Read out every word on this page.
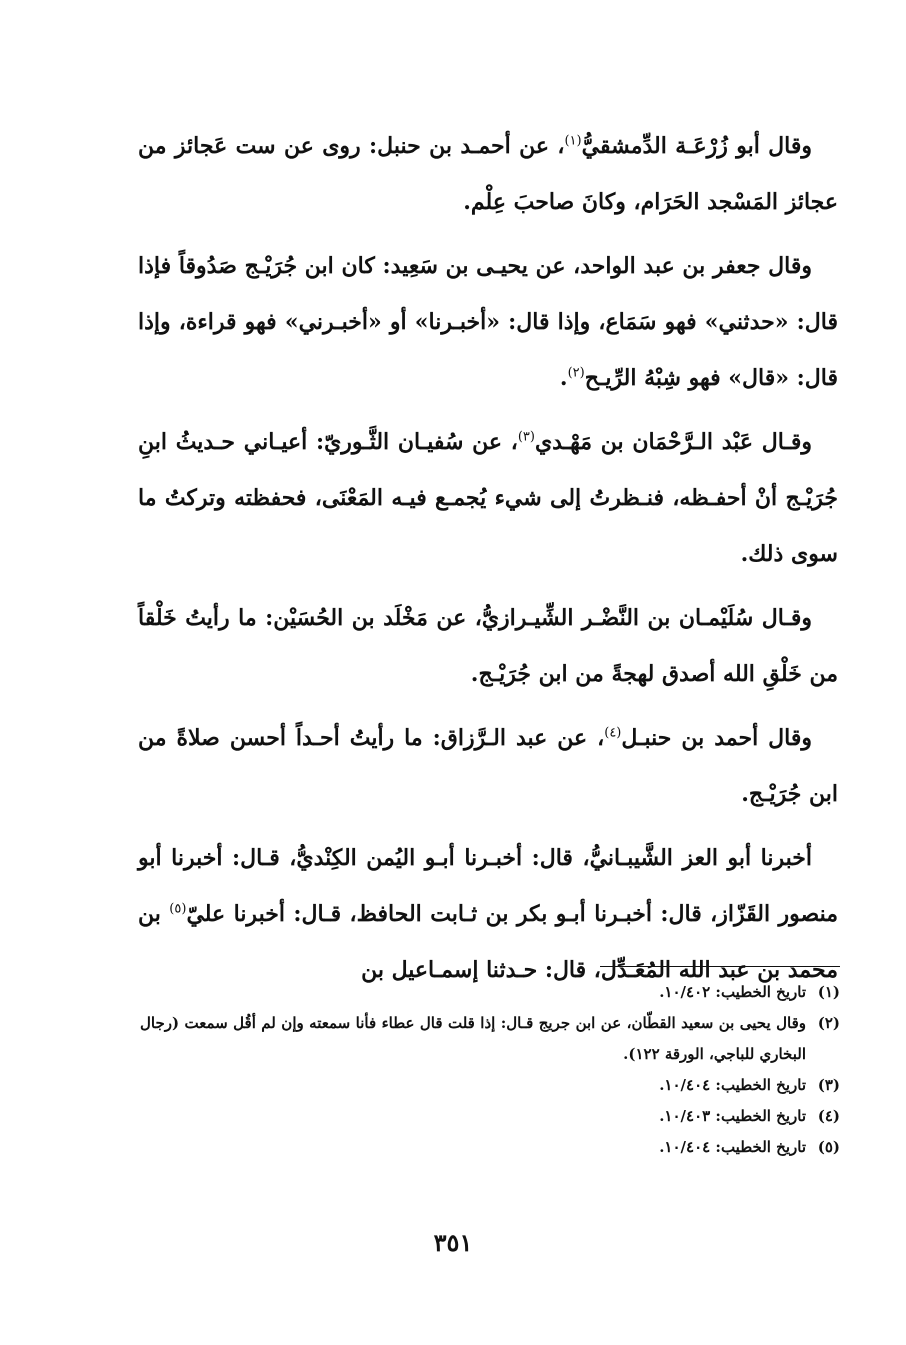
وقال أبو زُرْعَـة الدِّمشقيُّ$^{(١)}$، عن أحمـد بن حنبل: روى عن ست عَجائز من عجائز المَسْجد الحَرَام، وكانَ صاحبَ عِلْم.

وقال جعفر بن عبد الواحد، عن يحيـى بن سَعِيد: كان ابن جُرَيْـج صَدُوقاً فإذا قال: «حدثني» فهو سَمَاع، وإذا قال: «أخبـرنا» أو «أخبـرني» فهو قراءة، وإذا قال: «قال» فهو شِبْهُ الرِّيـح$^{(٢)}$.

وقـال عَبْد الـرَّحْمَان بن مَهْـدي$^{(٣)}$، عن سُفيـان الثَّـوريّ: أعيـاني حـديثُ ابنِ جُرَيْـج أنْ أحفـظه، فنـظرتُ إلى شيء يُجمـع فيـه المَعْنَى، فحفظته وتركتُ ما سوى ذلك.

وقـال سُلَيْمـان بن النَّضْـر الشِّيـرازيُّ، عن مَخْلَد بن الحُسَيْن: ما رأيتُ خَلْقاً من خَلْقِ الله أصدق لهجةً من ابن جُرَيْـج.

وقال أحمد بن حنبـل$^{(٤)}$، عن عبد الـرَّزاق: ما رأيتُ أحـداً أحسن صلاةً من ابن جُرَيْـج.

أخبرنا أبو العز الشَّيبـانيُّ، قال: أخبـرنا أبـو اليُمن الكِنْديُّ، قـال: أخبرنا أبو منصور القَزّاز، قال: أخبـرنا أبـو بكر بن ثـابت الحافظ، قـال: أخبرنا عليّ$^{(٥)}$ بن محمد بن عبد الله المُعَـدِّل، قال: حـدثنا إسمـاعيل بن

(١)
تاريخ الخطيب: ١٠/٤٠٢.
(٢)
وقال يحيى بن سعيد القطّان، عن ابن جريج قـال: إذا قلت قال عطاء فأنا سمعته وإن لم أقُل سمعت (رجال البخاري للباجي، الورقة ١٢٢).
(٣)
تاريخ الخطيب: ١٠/٤٠٤.
(٤)
تاريخ الخطيب: ١٠/٤٠٣.
(٥)
تاريخ الخطيب: ١٠/٤٠٤.
٣٥١
